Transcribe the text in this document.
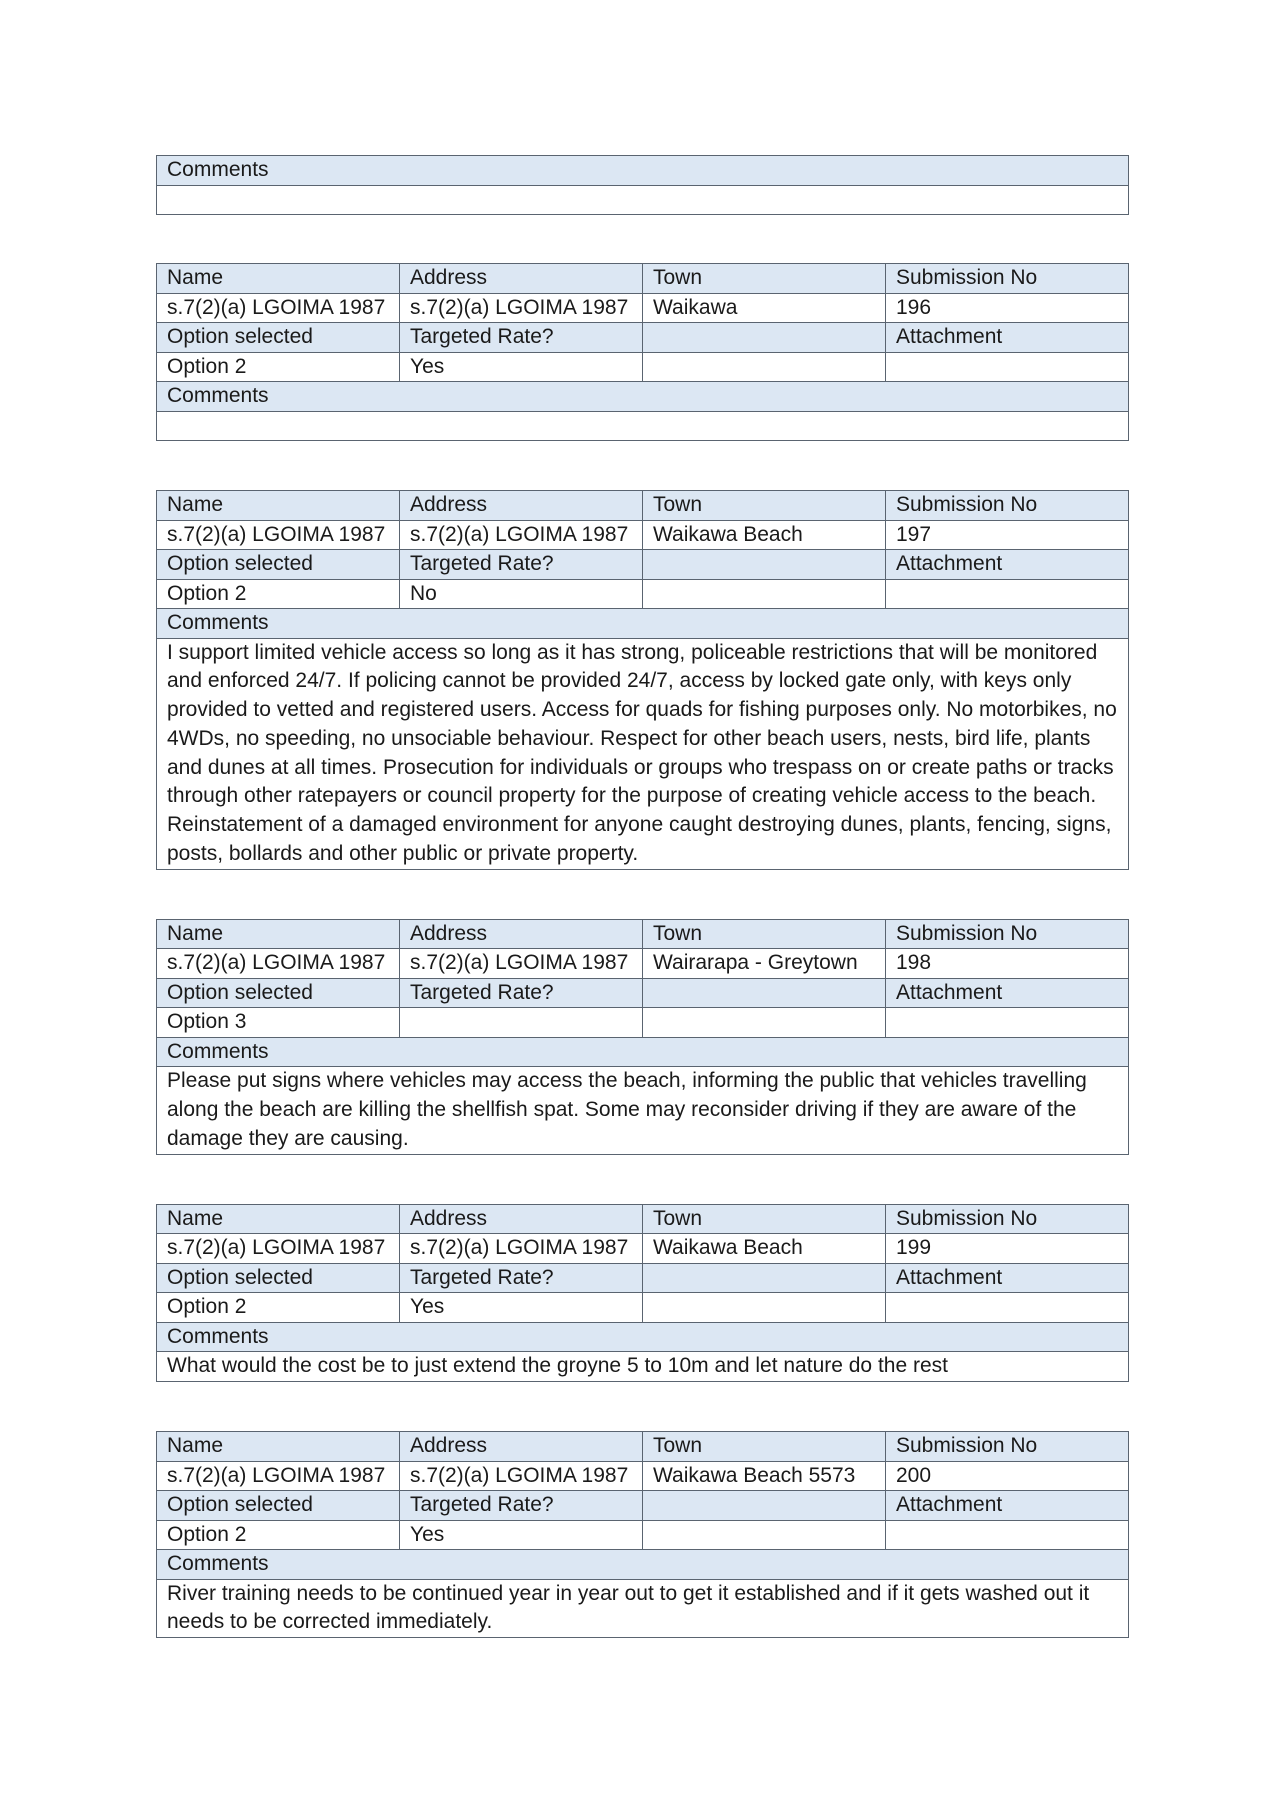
Comments

Name	Address	Town	Submission No
s.7(2)(a) LGOIMA 1987	s.7(2)(a) LGOIMA 1987	Waikawa	196
Option selected	Targeted Rate?		Attachment
Option 2	Yes		
Comments			

Name	Address	Town	Submission No
s.7(2)(a) LGOIMA 1987	s.7(2)(a) LGOIMA 1987	Waikawa Beach	197
Option selected	Targeted Rate?		Attachment
Option 2	No		
Comments			
I support limited vehicle access so long as it has strong, policeable restrictions that will be monitored and enforced 24/7. If policing cannot be provided 24/7, access by locked gate only, with keys only provided to vetted and registered users. Access for quads for fishing purposes only. No motorbikes, no 4WDs, no speeding, no unsociable behaviour. Respect for other beach users, nests, bird life, plants and dunes at all times. Prosecution for individuals or groups who trespass on or create paths or tracks through other ratepayers or council property for the purpose of creating vehicle access to the beach. Reinstatement of a damaged environment for anyone caught destroying dunes, plants, fencing, signs, posts, bollards and other public or private property.			
Name	Address	Town	Submission No
s.7(2)(a) LGOIMA 1987	s.7(2)(a) LGOIMA 1987	Wairarapa - Greytown	198
Option selected	Targeted Rate?		Attachment
Option 3			
Comments			
Please put signs where vehicles may access the beach, informing the public that vehicles travelling along the beach are killing the shellfish spat. Some may reconsider driving if they are aware of the damage they are causing.			
Name	Address	Town	Submission No
s.7(2)(a) LGOIMA 1987	s.7(2)(a) LGOIMA 1987	Waikawa Beach	199
Option selected	Targeted Rate?		Attachment
Option 2	Yes		
Comments			
What would the cost be to just extend the groyne 5 to 10m and let nature do the rest			
Name	Address	Town	Submission No
s.7(2)(a) LGOIMA 1987	s.7(2)(a) LGOIMA 1987	Waikawa Beach 5573	200
Option selected	Targeted Rate?		Attachment
Option 2	Yes		
Comments			
River training needs to be continued year in year out to get it established and if it gets washed out it needs to be corrected immediately.			
